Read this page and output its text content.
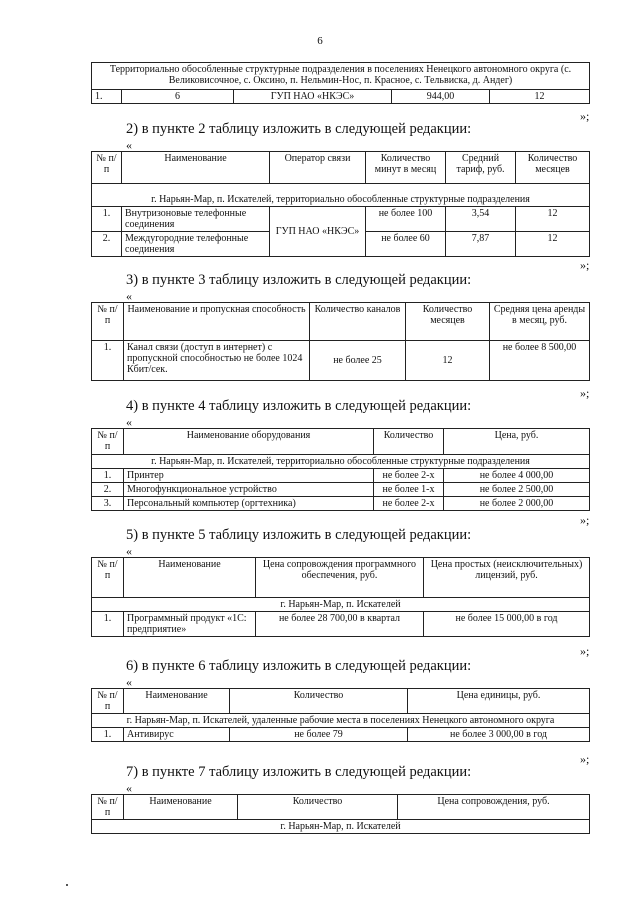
6
Территориально обособленные структурные подразделения в поселениях Ненецкого автономного округа (с. Великовисочное, с. Оксино, п. Нельмин-Нос, п. Красное, с. Тельвиска, д. Андег)
1.	6	ГУП НАО «НКЭС»	944,00	12
»;
2) в пункте 2 таблицу изложить в следующей редакции:
«
№ п/п	Наименование	Оператор связи	Количество минут в месяц	Средний тариф, руб.	Количество месяцев
г. Нарьян-Мар, п. Искателей, территориально обособленные структурные подразделения					
1.	Внутризоновые телефонные соединения	ГУП НАО «НКЭС»	не более 100	3,54	12
2.	Междугородние телефонные соединения		не более 60	7,87	12
»;
3) в пункте 3 таблицу изложить в следующей редакции:
«
№ п/п	Наименование и пропускная способность	Количество каналов	Количество месяцев	Средняя цена аренды в месяц, руб.
1.	Канал связи (доступ в интернет) с пропускной способностью не более 1024 Кбит/сек.	не более 25	12	не более 8 500,00
»;
4) в пункте 4 таблицу изложить в следующей редакции:
«
№ п/п	Наименование оборудования	Количество	Цена, руб.
г. Нарьян-Мар, п. Искателей, территориально обособленные структурные подразделения			
1.	Принтер	не более 2-х	не более 4 000,00
2.	Многофункциональное устройство	не более 1-х	не более 2 500,00
3.	Персональный компьютер (оргтехника)	не более 2-х	не более 2 000,00
»;
5) в пункте 5 таблицу изложить в следующей редакции:
«
№ п/п	Наименование	Цена сопровождения программного обеспечения, руб.	Цена простых (неисключительных) лицензий, руб.
г. Нарьян-Мар, п. Искателей			
1.	Программный продукт «1С: предприятие»	не более 28 700,00 в квартал	не более 15 000,00 в год
»;
6) в пункте 6 таблицу изложить в следующей редакции:
«
№ п/п	Наименование	Количество	Цена единицы, руб.
г. Нарьян-Мар, п. Искателей, удаленные рабочие места в поселениях Ненецкого автономного округа			
1.	Антивирус	не более 79	не более 3 000,00 в год
»;
7) в пункте 7 таблицу изложить в следующей редакции:
«
№ п/п	Наименование	Количество	Цена сопровождения, руб.
г. Нарьян-Мар, п. Искателей
